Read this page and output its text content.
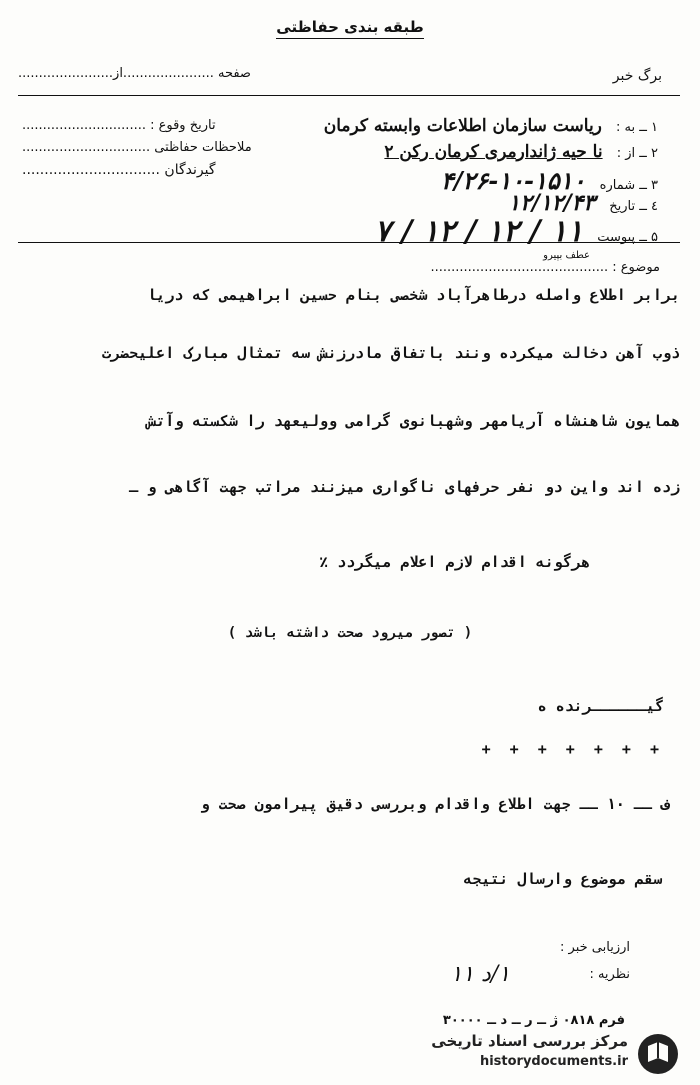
طبقه بندی حفاظتی
برگ خبر
صفحه ......................از.......................
۱ ــ به : ریاست سازمان اطلاعات وابسته کرمان
۲ ــ از : نا حیه ژاندارمری کرمان رکن ۲
۳ ــ شماره ۱۵۱۰-۱۰-۴/۲۶
٤ ــ تاریخ ۱۲/۱۲/۴۳
۵ ــ پیوست ۱۱ / ۱۲ / ۱۲ / ۷
تاریخ وقوع : ..............................
ملاحظات حفاظتی ...............................
گیرندگان ...............................
عطف بپیرو
موضوع : ...........................................
برابر اطلاع واصله درطاهرآباد شخصی بنام حسین ابراهیمی که دریا
ذوب آهن دخالت میکرده ونند باتفاق مادرزنش سه تمثال مبارک اعلیحضرت
همایون شاهنشاه آریامهر وشهبانوی گرامی وولیعهد را شکسته وآتش
زده اند واین دو نفر حرفهای ناگواری میزنند مراتب جهت آگاهی و ـ
هرگونه اقدام لازم اعلام میگردد ٪
( تصور میرود صحت داشته باشد )
گیــــــرنده ه
+ + + + + + +
ف ــ ۱۰ ــ جهت اطلاع واقدام وبررسی دقیق پیرامون صحت و
سقم موضوع وارسال نتیجه
ارزیابی خبر :
نظریه :
۱/د ۱۱
فرم ۰۸۱۸ ژ ــ ر ــ د ــ ۳۰۰۰۰
مرکز بررسی اسناد تاریخی
historydocuments.ir
